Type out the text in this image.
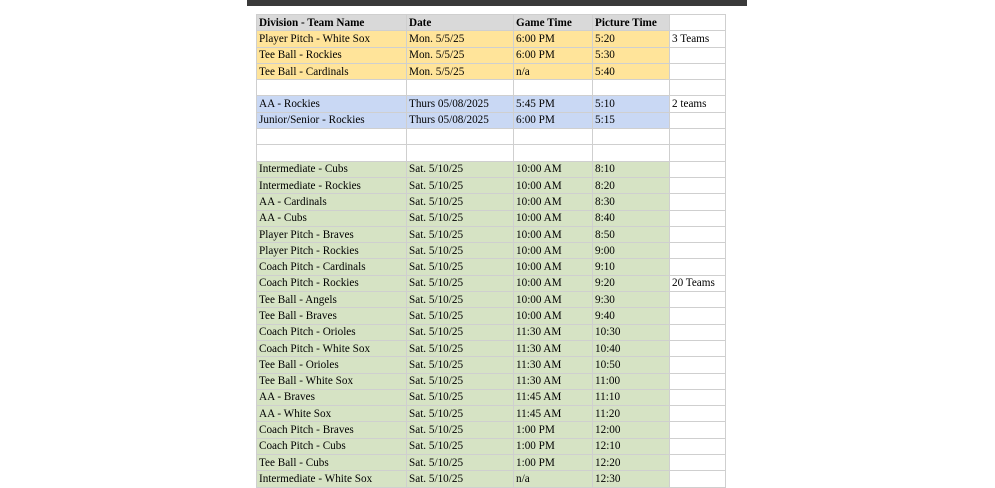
Division - Team Name	Date	Game Time	Picture Time	
Player Pitch - White Sox	Mon. 5/5/25	6:00 PM	5:20	3 Teams
Tee Ball - Rockies	Mon. 5/5/25	6:00 PM	5:30	
Tee Ball - Cardinals	Mon. 5/5/25	n/a	5:40	

AA - Rockies	Thurs 05/08/2025	5:45 PM	5:10	2 teams
Junior/Senior - Rockies	Thurs 05/08/2025	6:00 PM	5:15	

Intermediate - Cubs	Sat. 5/10/25	10:00 AM	8:10	
Intermediate - Rockies	Sat. 5/10/25	10:00 AM	8:20	
AA - Cardinals	Sat. 5/10/25	10:00 AM	8:30	
AA - Cubs	Sat. 5/10/25	10:00 AM	8:40	
Player Pitch - Braves	Sat. 5/10/25	10:00 AM	8:50	
Player Pitch - Rockies	Sat. 5/10/25	10:00 AM	9:00	
Coach Pitch - Cardinals	Sat. 5/10/25	10:00 AM	9:10	
Coach Pitch - Rockies	Sat. 5/10/25	10:00 AM	9:20	20 Teams
Tee Ball - Angels	Sat. 5/10/25	10:00 AM	9:30	
Tee Ball - Braves	Sat. 5/10/25	10:00 AM	9:40	
Coach Pitch - Orioles	Sat. 5/10/25	11:30 AM	10:30	
Coach Pitch - White Sox	Sat. 5/10/25	11:30 AM	10:40	
Tee Ball - Orioles	Sat. 5/10/25	11:30 AM	10:50	
Tee Ball - White Sox	Sat. 5/10/25	11:30 AM	11:00	
AA - Braves	Sat. 5/10/25	11:45 AM	11:10	
AA - White Sox	Sat. 5/10/25	11:45 AM	11:20	
Coach Pitch - Braves	Sat. 5/10/25	1:00 PM	12:00	
Coach Pitch - Cubs	Sat. 5/10/25	1:00 PM	12:10	
Tee Ball - Cubs	Sat. 5/10/25	1:00 PM	12:20	
Intermediate - White Sox	Sat. 5/10/25	n/a	12:30	
